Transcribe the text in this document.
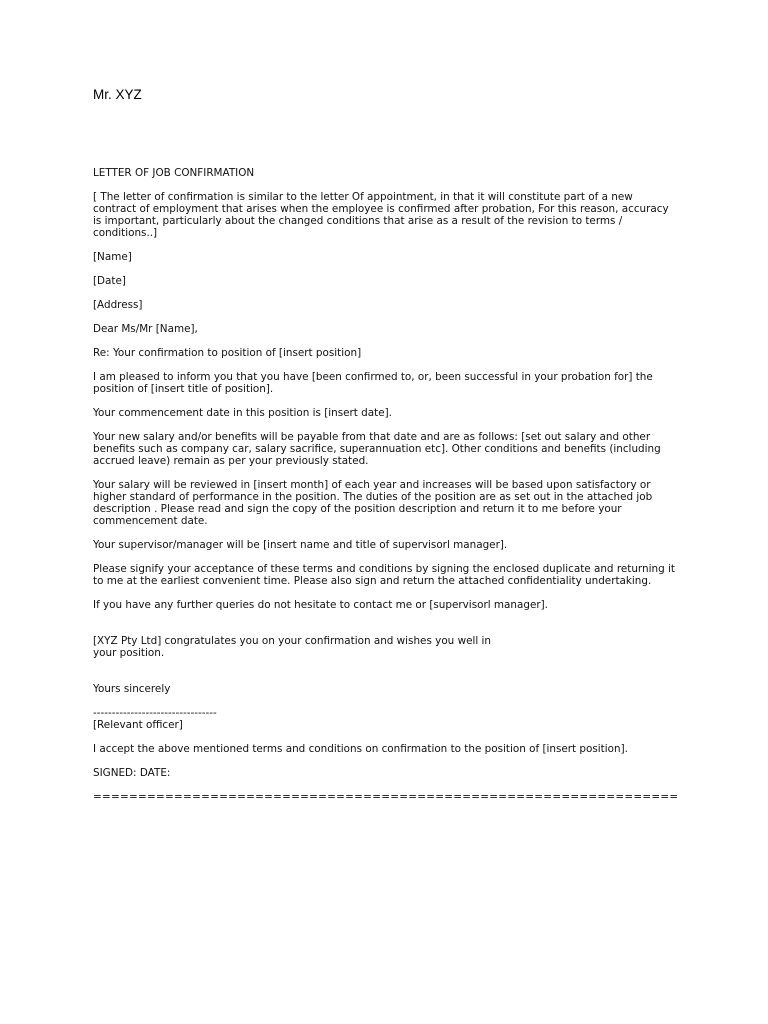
Mr. XYZ

LETTER OF JOB CONFIRMATION

[ The letter of confirmation is similar to the letter Of appointment, in that it will constitute part of a new
contract of employment that arises when the employee is confirmed after probation, For this reason, accuracy
is important, particularly about the changed conditions that arise as a result of the revision to terms /
conditions..]

[Name]

[Date]

[Address]

Dear Ms/Mr [Name],

Re: Your confirmation to position of [insert position]

I am pleased to inform you that you have [been confirmed to, or, been successful in your probation for] the
position of [insert title of position].

Your commencement date in this position is [insert date].

Your new salary and/or benefits will be payable from that date and are as follows: [set out salary and other
benefits such as company car, salary sacrifice, superannuation etc]. Other conditions and benefits (including
accrued leave) remain as per your previously stated.

Your salary will be reviewed in [insert month] of each year and increases will be based upon satisfactory or
higher standard of performance in the position. The duties of the position are as set out in the attached job
description . Please read and sign the copy of the position description and return it to me before your
commencement date.

Your supervisor/manager will be [insert name and title of supervisorl manager].

Please signify your acceptance of these terms and conditions by signing the enclosed duplicate and returning it
to me at the earliest convenient time. Please also sign and return the attached confidentiality undertaking.

If you have any further queries do not hesitate to contact me or [supervisorl manager].

[XYZ Pty Ltd] congratulates you on your confirmation and wishes you well in
your position.

Yours sincerely

---------------------------------

[Relevant officer]

I accept the above mentioned terms and conditions on confirmation to the position of [insert position].

SIGNED: DATE:

=================================================================
